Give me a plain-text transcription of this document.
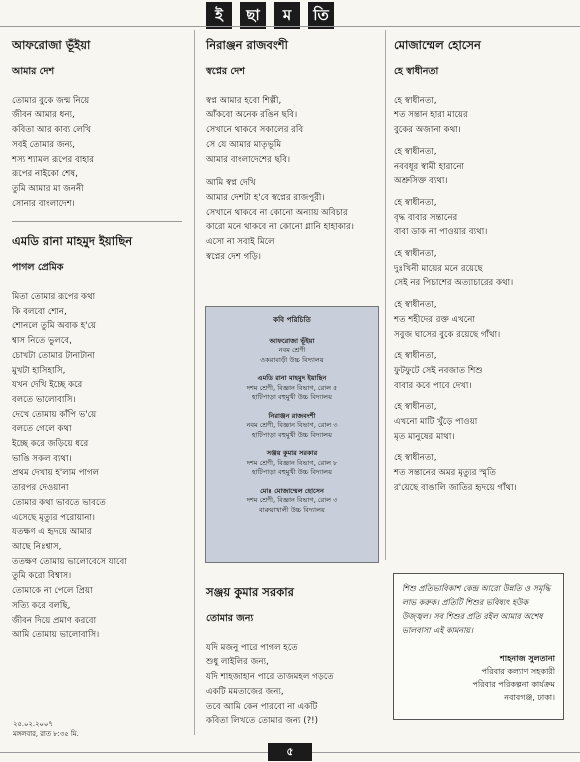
ই	ছা	ম	তি
আফরোজা ভূঁইয়া
আমার দেশ
তোমার বুকে জন্ম নিয়ে
জীবন আমার ধন্য,
কবিতা আর কাব্য লেখি
সবই তোমার জন্য,
শস্য শ্যামল রূপের বাহার
রূপের নাইকো শেষ,
তুমি আমার মা জননী
সোনার বাংলাদেশ।
এমডি রানা মাহমুদ ইয়াছিন
পাগল প্রেমিক
মিতা তোমার রূপের কথা
কি বলবো শোন,
শোনলে তুমি অবাক হ'য়ে
শ্বাস নিতে ভুলবে,
চোখটা তোমার টানাটানা
মুখটা হাসিহাসি,
যখন দেখি ইচ্ছে করে
বলতে ভালোবাসি।
দেখে তোমায় কাঁপি ভ'য়ে
বলতে গেলে কথা
ইচ্ছে করে জড়িয়ে ধরে
ভাঙি সকল ব্যথা।
প্রথম দেখায় হ'লাম পাগল
তারপর দেওয়ানা
তোমার কথা ভাবতে ভাবতে
এসেছে মৃত্যুর পরোয়ানা।
যতক্ষণ এ হৃদয়ে আমার
আছে নিঃশ্বাস,
ততক্ষণ তোমায় ভালোবেসে যাবো
তুমি করো বিশ্বাস।
তোমাকে না পেলে প্রিয়া
সত্যি করে বলছি,
জীবন দিয়ে প্রমাণ করবো
আমি তোমায় ভালোবাসি।
২৫.০২.২০০৭
মঙ্গলবার, রাত ৮:৩৫ মি.
নিরাঞ্জন রাজবংশী
স্বপ্নের দেশ
স্বপ্ন আমার হবো শিল্পী,
আঁকবো অনেক রঙিন ছবি।
সেখানে থাকবে সকালের রবি
সে যে আমার মাতৃভূমি
আমার বাংলাদেশের ছবি।
আমি স্বপ্ন দেখি
আমার দেশটা হ'বে স্বপ্নের রাজপুরী।
সেখানে থাকবে না কোনো অন্যায় অবিচার
কারো মনে থাকবে না কোনো গ্লানি হাহাকার।
এসো না সবাই মিলে
স্বপ্নের দেশ গড়ি।
কবি পরিচিতি
আফরোজা ভূঁইয়া
নবম শ্রেণী
ওকরাবাড়ী উচ্চ বিদ্যালয়
এমডি রানা মাহমুদ ইয়াছিন
দশম শ্রেণী, বিজ্ঞান বিভাগ, রোল ৫
হাটিপাড়া বহুমুখী উচ্চ বিদ্যালয়
নিরাঞ্জন রাজবংশী
নবম শ্রেণী, বিজ্ঞান বিভাগ, রোল ৩
হাটিপাড়া বহুমুখী উচ্চ বিদ্যালয়
সঞ্জয় কুমার সরকার
দশম শ্রেণী, বিজ্ঞান বিভাগ, রোল ৮
হাটিপাড়া বহুমুখী উচ্চ বিদ্যালয়
মোঃ মোজাম্মেল হোসেন
দশম শ্রেণী, বিজ্ঞান বিভাগ, রোল ৩
বারুয়াখালী উচ্চ বিদ্যালয়
সঞ্জয় কুমার সরকার
তোমার জন্য
যদি মজনু পারে পাগল হতে
শুধু লাইলির জন্য,
যদি শাহজাহান পারে তাজমহল গড়তে
একটি মমতাজের জন্য,
তবে আমি কেন পারবো না একটি
কবিতা লিখতে তোমার জন্য (?!)
মোজাম্মেল হোসেন
হে স্বাধীনতা
হে স্বাধীনতা,
শত সন্তান হারা মায়ের
বুকের অজানা কথা।
হে স্বাধীনতা,
নববধূর স্বামী হারানো
অশ্রুসিক্ত ব্যথা।
হে স্বাধীনতা,
বৃদ্ধ বাবার সন্তানের
বাবা ডাক না পাওয়ার ব্যথা।
হে স্বাধীনতা,
দুঃখিনী মায়ের মনে রয়েছে
সেই নর পিচাশের অত্যাচারের কথা।
হে স্বাধীনতা,
শত শহীদের রক্ত এখনো
সবুজ ঘাসের বুকে রয়েছে গাঁথা।
হে স্বাধীনতা,
ফুটফুটে সেই নবজাত শিশু
বাবার কবে পাবে দেখা।
হে স্বাধীনতা,
এখনো মাটি খুঁড়ে পাওয়া
মৃত মানুষের মাথা।
হে স্বাধীনতা,
শত সন্তানের অমর মৃত্যুর স্মৃতি
র'য়েছে বাঙালি জাতির হৃদয়ে গাঁথা।
শিশু প্রতিভাবিকাশ কেন্দ্র আরো উন্নতি ও সমৃদ্ধি লাভ করুক। প্রতিটি শিশুর ভবিষ্যৎ হউক উজ্জ্বল। সব শিশুর প্রতি রইল আমার অশেষ ভালবাসা এই কামনায়।
শাহনাজ সুলতানা
পরিবার কল্যাণ সহকারী
পরিবার পরিকল্পনা কার্যক্রম
নবাবগঞ্জ, ঢাকা।
৫
